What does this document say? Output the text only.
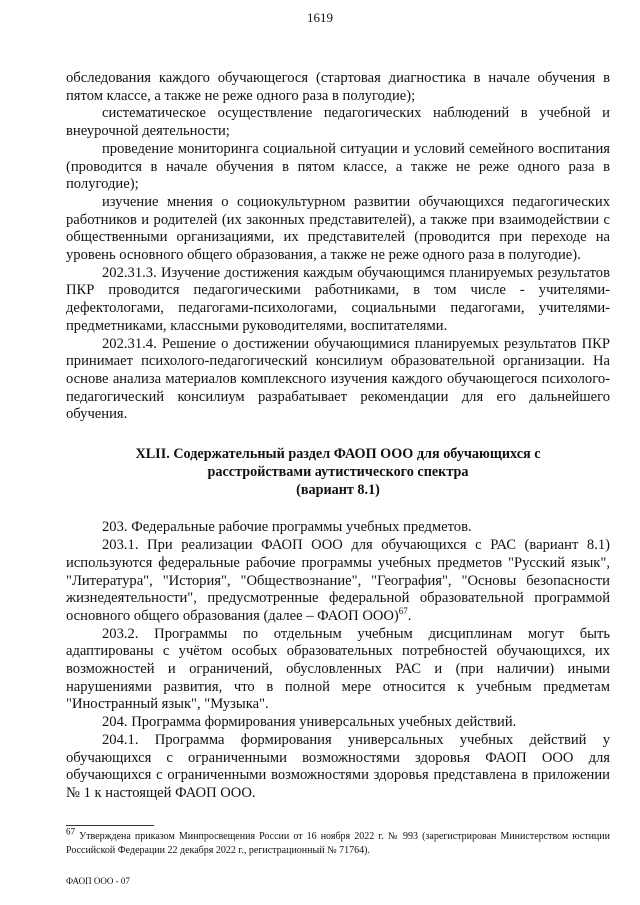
1619

обследования каждого обучающегося (стартовая диагностика в начале обучения в пятом классе, а также не реже одного раза в полугодие);

систематическое осуществление педагогических наблюдений в учебной и внеурочной деятельности;

проведение мониторинга социальной ситуации и условий семейного воспитания (проводится в начале обучения в пятом классе, а также не реже одного раза в полугодие);

изучение мнения о социокультурном развитии обучающихся педагогических работников и родителей (их законных представителей), а также при взаимодействии с общественными организациями, их представителей (проводится при переходе на уровень основного общего образования, а также не реже одного раза в полугодие).

202.31.3. Изучение достижения каждым обучающимся планируемых результатов ПКР проводится педагогическими работниками, в том числе - учителями-дефектологами, педагогами-психологами, социальными педагогами, учителями-предметниками, классными руководителями, воспитателями.

202.31.4. Решение о достижении обучающимися планируемых результатов ПКР принимает психолого-педагогический консилиум образовательной организации. На основе анализа материалов комплексного изучения каждого обучающегося психолого-педагогический консилиум разрабатывает рекомендации для его дальнейшего обучения.

XLII. Содержательный раздел ФАОП ООО для обучающихся с
расстройствами аутистического спектра
(вариант 8.1)

203. Федеральные рабочие программы учебных предметов.

203.1. При реализации ФАОП ООО для обучающихся с РАС (вариант 8.1) используются федеральные рабочие программы учебных предметов "Русский язык", "Литература", "История", "Обществознание", "География", "Основы безопасности жизнедеятельности", предусмотренные федеральной образовательной программой основного общего образования (далее – ФАОП ООО)$^{67}$.

203.2. Программы по отдельным учебным дисциплинам могут быть адаптированы с учётом особых образовательных потребностей обучающихся, их возможностей и ограничений, обусловленных РАС и (при наличии) иными нарушениями развития, что в полной мере относится к учебным предметам "Иностранный язык", "Музыка".

204. Программа формирования универсальных учебных действий.

204.1. Программа формирования универсальных учебных действий у обучающихся с ограниченными возможностями здоровья ФАОП ООО для обучающихся с ограниченными возможностями здоровья представлена в приложении № 1 к настоящей ФАОП ООО.

$^{67}$ Утверждена приказом Минпросвещения России от 16 ноября 2022 г. № 993 (зарегистрирован Министерством юстиции Российской Федерации 22 декабря 2022 г., регистрационный № 71764).
ФАОП ООО - 07
